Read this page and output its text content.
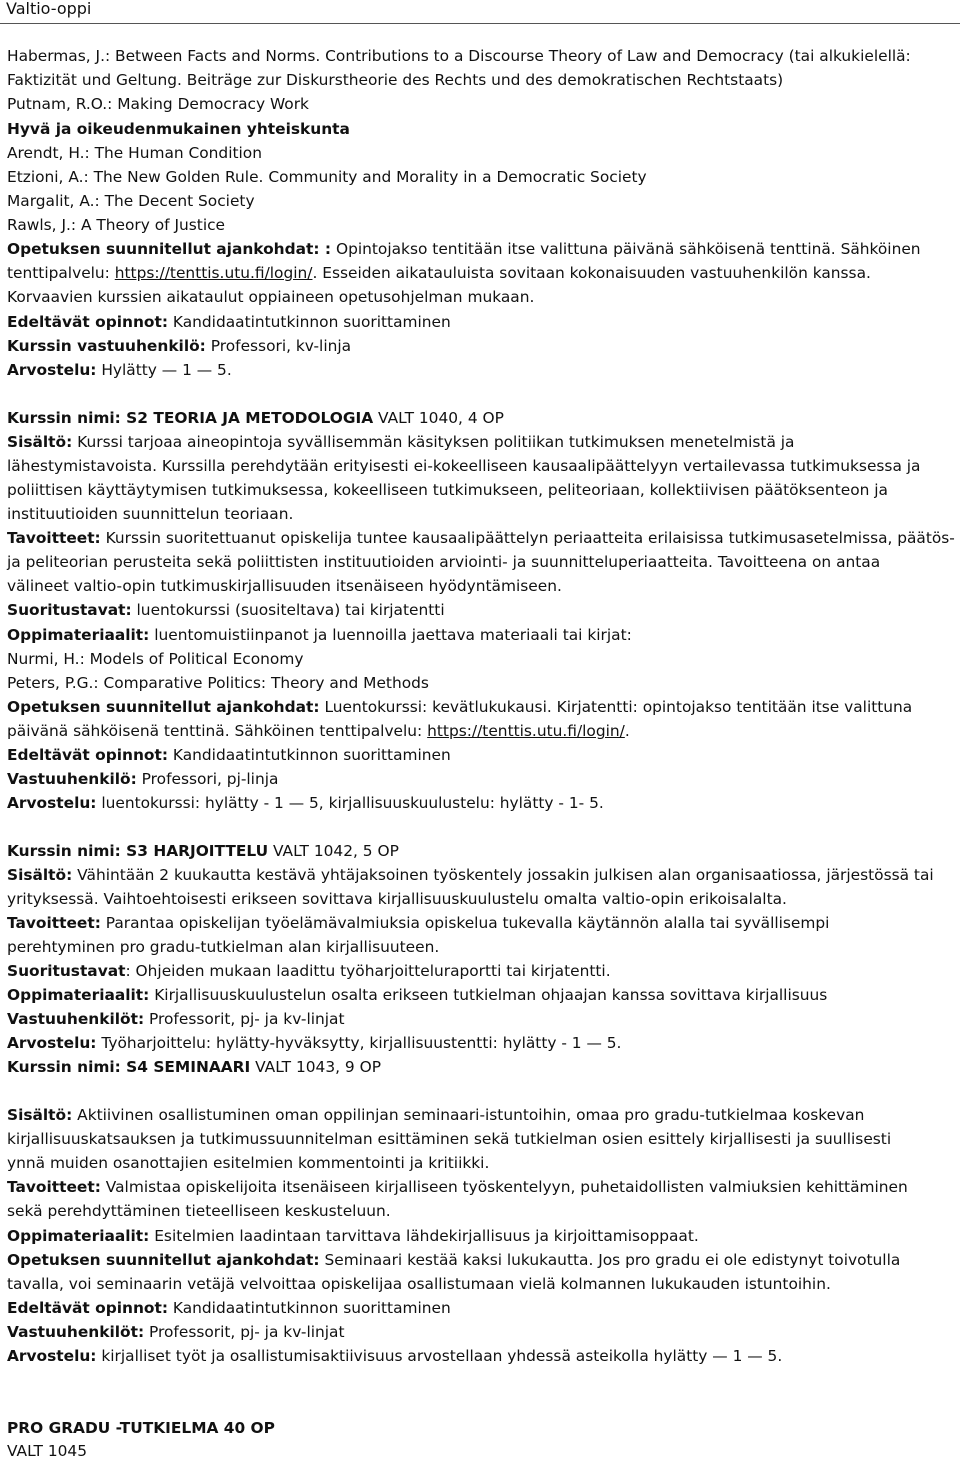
Valtio-oppi
Habermas, J.: Between Facts and Norms. Contributions to a Discourse Theory of Law and Democracy (tai alkukielellä:
Faktizität und Geltung. Beiträge zur Diskurstheorie des Rechts und des demokratischen Rechtstaats)
Putnam, R.O.: Making Democracy Work
Hyvä ja oikeudenmukainen yhteiskunta
Arendt, H.: The Human Condition
Etzioni, A.: The New Golden Rule. Community and Morality in a Democratic Society
Margalit, A.: The Decent Society
Rawls, J.: A Theory of Justice
Opetuksen suunnitellut ajankohdat: : Opintojakso tentitään itse valittuna päivänä sähköisenä tenttinä. Sähköinen
tenttipalvelu: https://tenttis.utu.fi/login/. Esseiden aikatauluista sovitaan kokonaisuuden vastuuhenkilön kanssa.
Korvaavien kurssien aikataulut oppiaineen opetusohjelman mukaan.
Edeltävät opinnot: Kandidaatintutkinnon suorittaminen
Kurssin vastuuhenkilö: Professori, kv-linja
Arvostelu: Hylätty — 1 — 5.
Kurssin nimi: S2 TEORIA JA METODOLOGIA VALT 1040, 4 OP
Sisältö: Kurssi tarjoaa aineopintoja syvällisemmän käsityksen politiikan tutkimuksen menetelmistä ja
lähestymistavoista. Kurssilla perehdytään erityisesti ei-kokeelliseen kausaalipäättelyyn vertailevassa tutkimuksessa ja
poliittisen käyttäytymisen tutkimuksessa, kokeelliseen tutkimukseen, peliteoriaan, kollektiivisen päätöksenteon ja
instituutioiden suunnittelun teoriaan.
Tavoitteet: Kurssin suoritettuanut opiskelija tuntee kausaalipäättelyn periaatteita erilaisissa tutkimusasetelmissa, päätös-
ja peliteorian perusteita sekä poliittisten instituutioiden arviointi- ja suunnitteluperiaatteita. Tavoitteena on antaa
välineet valtio-opin tutkimuskirjallisuuden itsenäiseen hyödyntämiseen.
Suoritustavat: luentokurssi (suositeltava) tai kirjatentti
Oppimateriaalit: luentomuistiinpanot ja luennoilla jaettava materiaali tai kirjat:
Nurmi, H.: Models of Political Economy
Peters, P.G.: Comparative Politics: Theory and Methods
Opetuksen suunnitellut ajankohdat: Luentokurssi: kevätlukukausi. Kirjatentti: opintojakso tentitään itse valittuna
päivänä sähköisenä tenttinä. Sähköinen tenttipalvelu: https://tenttis.utu.fi/login/.
Edeltävät opinnot: Kandidaatintutkinnon suorittaminen
Vastuuhenkilö: Professori, pj-linja
Arvostelu: luentokurssi: hylätty - 1 — 5, kirjallisuuskuulustelu: hylätty - 1- 5.
Kurssin nimi: S3 HARJOITTELU VALT 1042, 5 OP
Sisältö: Vähintään 2 kuukautta kestävä yhtäjaksoinen työskentely jossakin julkisen alan organisaatiossa, järjestössä tai
yrityksessä. Vaihtoehtoisesti erikseen sovittava kirjallisuuskuulustelu omalta valtio-opin erikoisalalta.
Tavoitteet: Parantaa opiskelijan työelämävalmiuksia opiskelua tukevalla käytännön alalla tai syvällisempi
perehtyminen pro gradu-tutkielman alan kirjallisuuteen.
Suoritustavat: Ohjeiden mukaan laadittu työharjoitteluraportti tai kirjatentti.
Oppimateriaalit: Kirjallisuuskuulustelun osalta erikseen tutkielman ohjaajan kanssa sovittava kirjallisuus
Vastuuhenkilöt: Professorit, pj- ja kv-linjat
Arvostelu: Työharjoittelu: hylätty-hyväksytty, kirjallisuustentti: hylätty - 1 — 5.
Kurssin nimi: S4 SEMINAARI VALT 1043, 9 OP
Sisältö: Aktiivinen osallistuminen oman oppilinjan seminaari-istuntoihin, omaa pro gradu-tutkielmaa koskevan
kirjallisuuskatsauksen ja tutkimussuunnitelman esittäminen sekä tutkielman osien esittely kirjallisesti ja suullisesti
ynnä muiden osanottajien esitelmien kommentointi ja kritiikki.
Tavoitteet: Valmistaa opiskelijoita itsenäiseen kirjalliseen työskentelyyn, puhetaidollisten valmiuksien kehittäminen
sekä perehdyttäminen tieteelliseen keskusteluun.
Oppimateriaalit: Esitelmien laadintaan tarvittava lähdekirjallisuus ja kirjoittamisoppaat.
Opetuksen suunnitellut ajankohdat: Seminaari kestää kaksi lukukautta. Jos pro gradu ei ole edistynyt toivotulla
tavalla, voi seminaarin vetäjä velvoittaa opiskelijaa osallistumaan vielä kolmannen lukukauden istuntoihin.
Edeltävät opinnot: Kandidaatintutkinnon suorittaminen
Vastuuhenkilöt: Professorit, pj- ja kv-linjat
Arvostelu: kirjalliset työt ja osallistumisaktiivisuus arvostellaan yhdessä asteikolla hylätty — 1 — 5.
PRO GRADU -TUTKIELMA 40 OP
VALT 1045
